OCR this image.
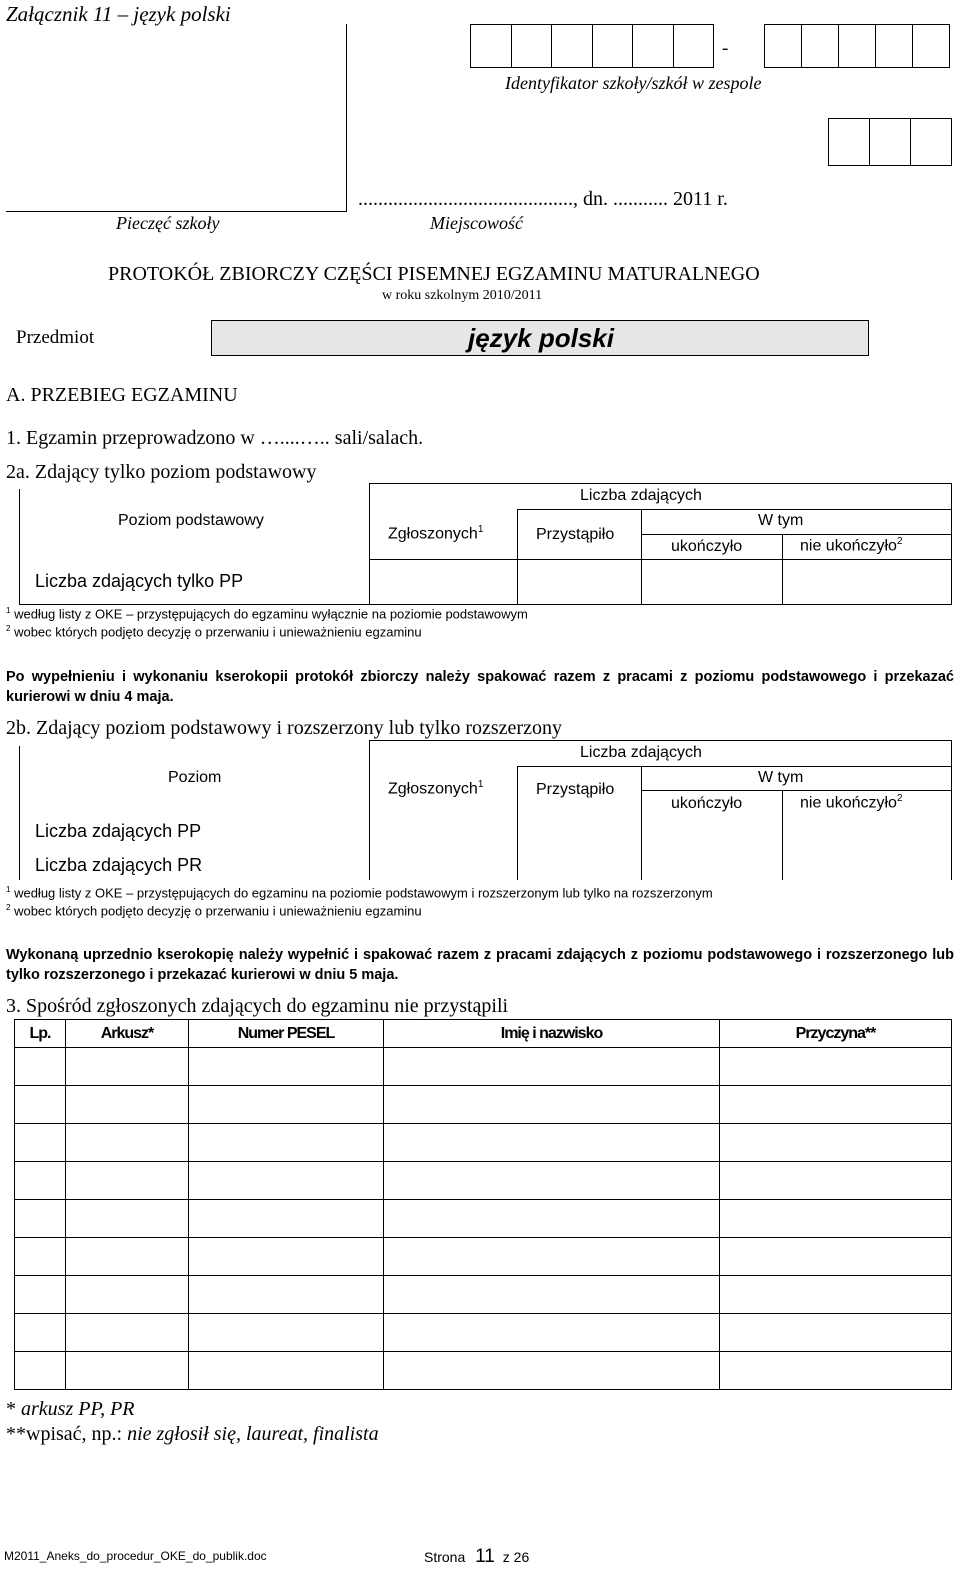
Załącznik 11 – język polski
-
Identyfikator szkoły/szkół w zespole
..........................................., dn. ........... 2011 r.
Pieczęć szkoły	Miejscowość
PROTOKÓŁ ZBIORCZY CZĘŚCI PISEMNEJ EGZAMINU MATURALNEGO
w roku szkolnym 2010/2011
Przedmiot	język polski
A. PRZEBIEG EGZAMINU
1. Egzamin przeprowadzono w …....….. sali/salach.
2a. Zdający tylko poziom podstawowy
Poziom podstawowy
Liczba zdających
Zgłoszonych$^1$	Przystąpiło
W tym
ukończyło	nie ukończyło$^2$
Liczba zdających tylko PP
$^1$ według listy z OKE – przystępujących do egzaminu wyłącznie na poziomie podstawowym
$^2$ wobec których podjęto decyzję o przerwaniu i unieważnieniu egzaminu
Po wypełnieniu i wykonaniu kserokopii protokół zbiorczy należy spakować razem z pracami z poziomu podstawowego i przekazać kurierowi w dniu 4 maja.
2b. Zdający poziom podstawowy i rozszerzony lub tylko rozszerzony
Poziom
Liczba zdających
Zgłoszonych$^1$	Przystąpiło
W tym
ukończyło	nie ukończyło$^2$
Liczba zdających PP
Liczba zdających PR
$^1$ według listy z OKE – przystępujących do egzaminu na poziomie podstawowym i rozszerzonym lub tylko na rozszerzonym
$^2$ wobec których podjęto decyzję o przerwaniu i unieważnieniu egzaminu
Wykonaną uprzednio kserokopię należy wypełnić i spakować razem z pracami zdających z poziomu podstawowego i rozszerzonego lub tylko rozszerzonego i przekazać kurierowi w dniu 5 maja.
3. Spośród zgłoszonych zdających do egzaminu nie przystąpili
Lp.	Arkusz*	Numer PESEL	Imię i nazwisko	Przyczyna**

* arkusz PP, PR
**wpisać, np.: nie zgłosił się, laureat, finalista
M2011_Aneks_do_procedur_OKE_do_publik.doc	Strona 11 z 26
